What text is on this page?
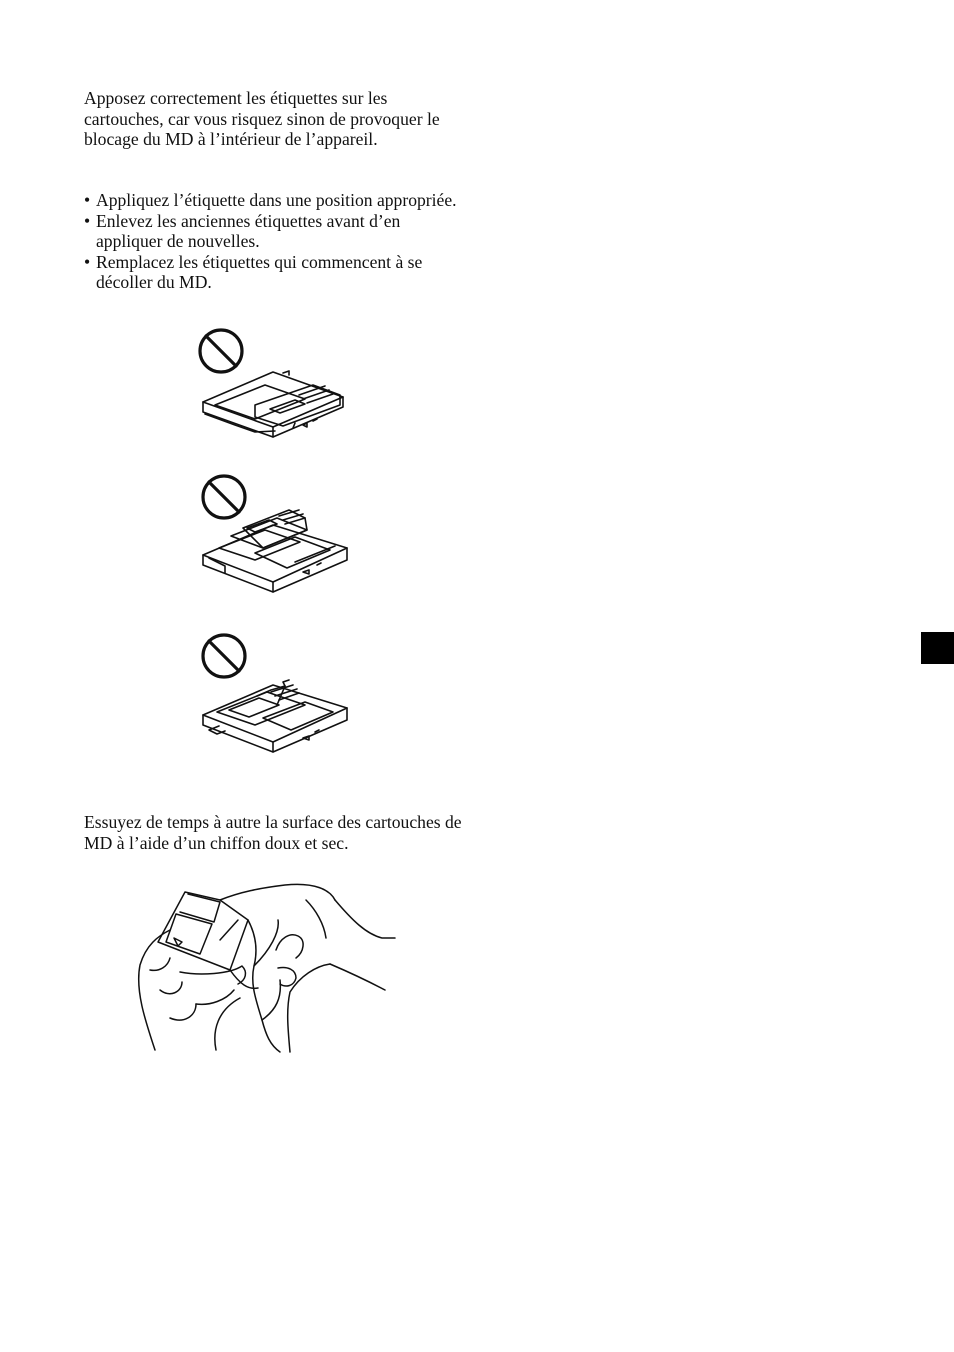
Apposez correctement les étiquettes sur les cartouches, car vous risquez sinon de provoquer le blocage du MD à l’intérieur de l’appareil.

• Appliquez l’étiquette dans une position appropriée.
• Enlevez les anciennes étiquettes avant d’en appliquer de nouvelles.
• Remplacez les étiquettes qui commencent à se décoller du MD.

Essuyez de temps à autre la surface des cartouches de MD à l’aide d’un chiffon doux et sec.
